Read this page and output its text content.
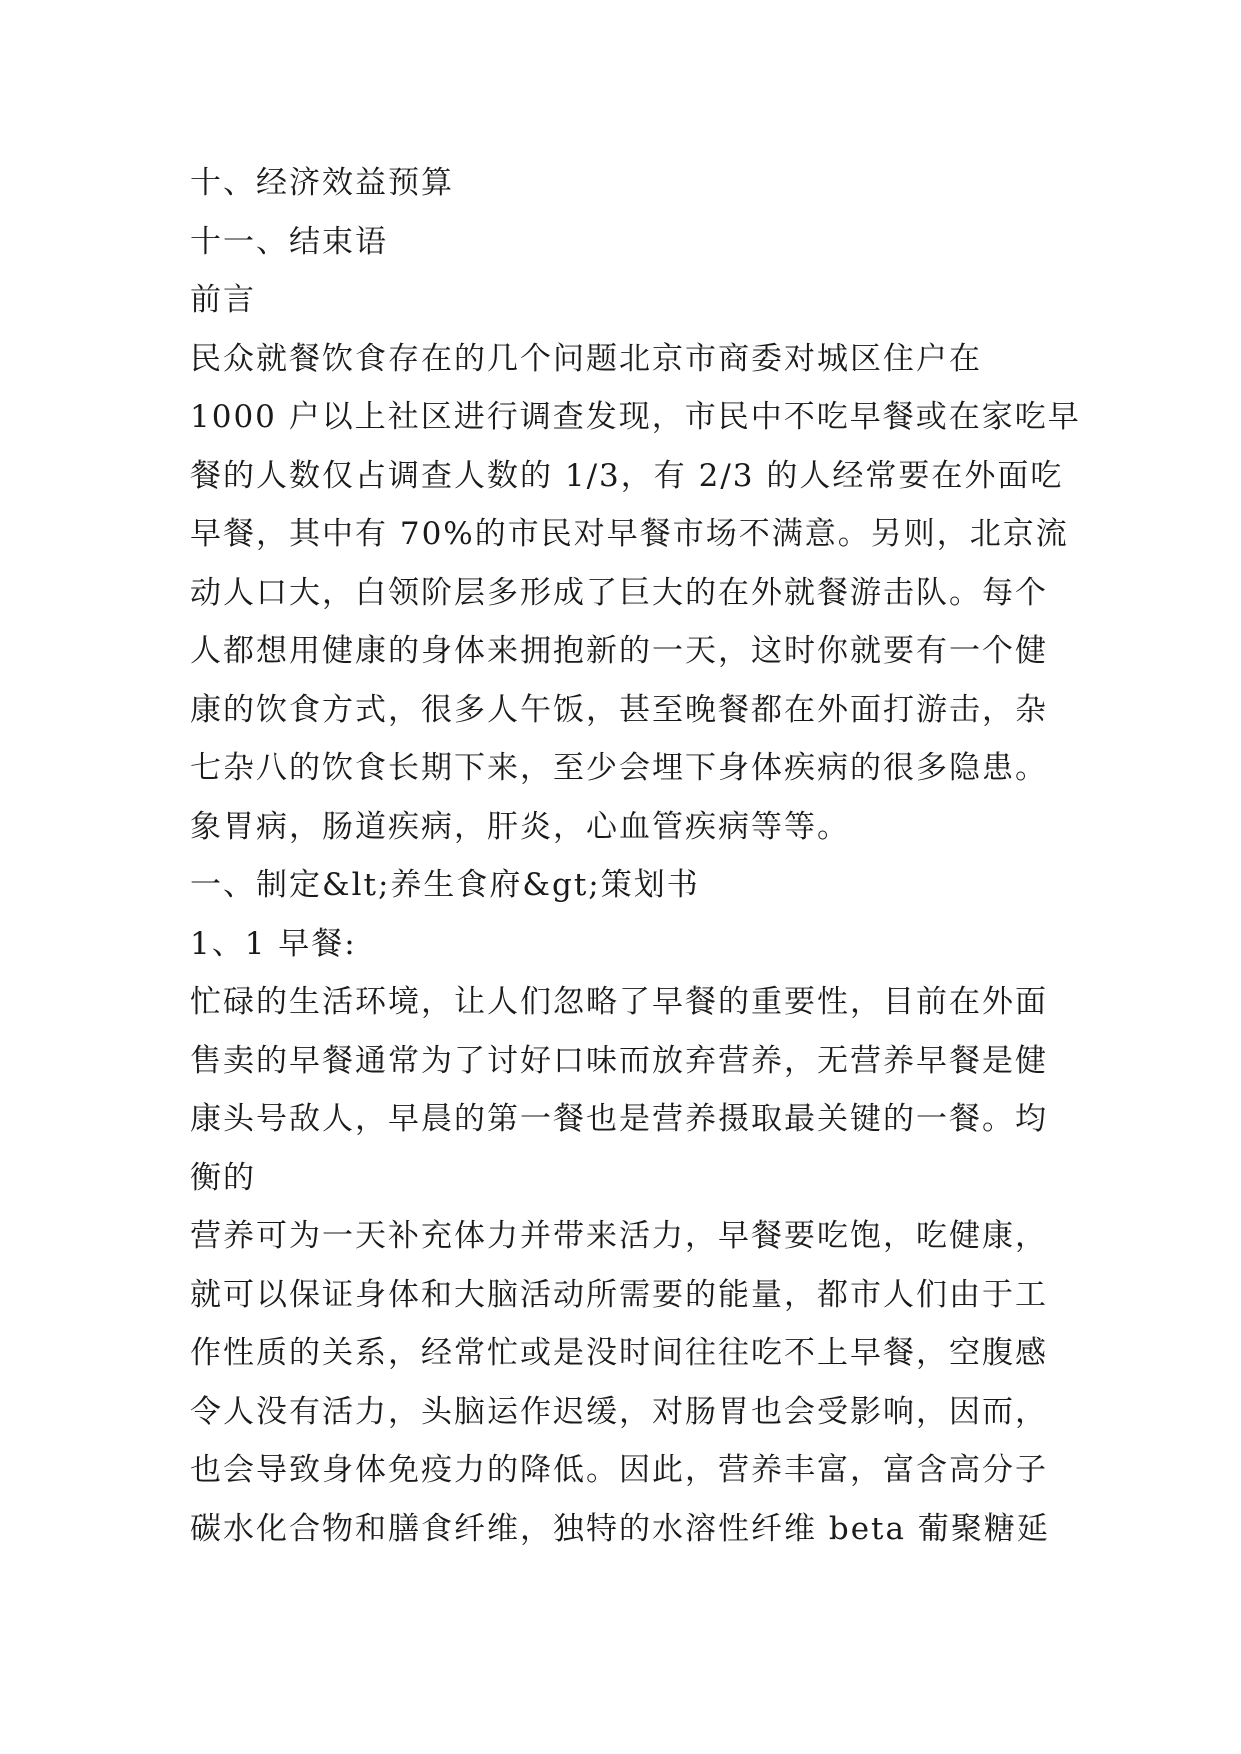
十、经济效益预算
十一、结束语
前言
民众就餐饮食存在的几个问题北京市商委对城区住户在
1000 户以上社区进行调查发现，市民中不吃早餐或在家吃早
餐的人数仅占调查人数的 1/3，有 2/3 的人经常要在外面吃
早餐，其中有 70%的市民对早餐市场不满意。另则，北京流
动人口大，白领阶层多形成了巨大的在外就餐游击队。每个
人都想用健康的身体来拥抱新的一天，这时你就要有一个健
康的饮食方式，很多人午饭，甚至晚餐都在外面打游击，杂
七杂八的饮食长期下来，至少会埋下身体疾病的很多隐患。
象胃病，肠道疾病，肝炎，心血管疾病等等。
一、制定&lt;养生食府&gt;策划书
1、1 早餐:
忙碌的生活环境，让人们忽略了早餐的重要性，目前在外面
售卖的早餐通常为了讨好口味而放弃营养，无营养早餐是健
康头号敌人，早晨的第一餐也是营养摄取最关键的一餐。均
衡的
营养可为一天补充体力并带来活力，早餐要吃饱，吃健康，
就可以保证身体和大脑活动所需要的能量，都市人们由于工
作性质的关系，经常忙或是没时间往往吃不上早餐，空腹感
令人没有活力，头脑运作迟缓，对肠胃也会受影响，因而，
也会导致身体免疫力的降低。因此，营养丰富，富含高分子
碳水化合物和膳食纤维，独特的水溶性纤维 beta 葡聚糖延
